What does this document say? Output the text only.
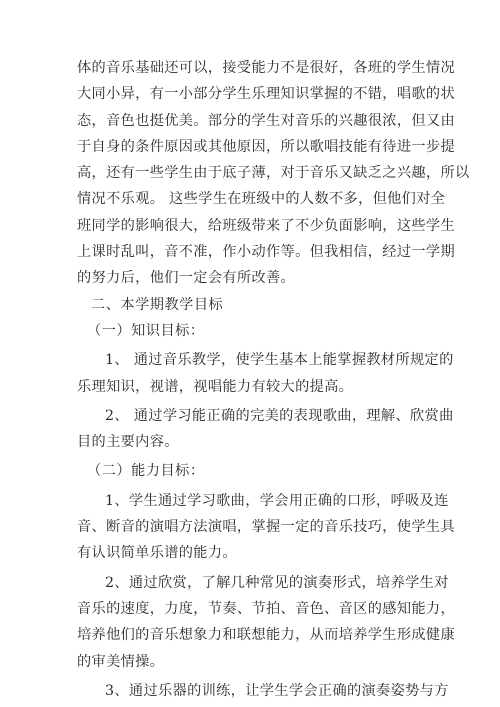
体的音乐基础还可以，接受能力不是很好，各班的学生情况
大同小异，有一小部分学生乐理知识掌握的不错，唱歌的状
态，音色也挺优美。部分的学生对音乐的兴趣很浓，但又由
于自身的条件原因或其他原因，所以歌唱技能有待进一步提
高，还有一些学生由于底子薄，对于音乐又缺乏之兴趣，所以
情况不乐观。 这些学生在班级中的人数不多，但他们对全
班同学的影响很大，给班级带来了不少负面影响，这些学生
上课时乱叫，音不准，作小动作等。但我相信，经过一学期
的努力后，他们一定会有所改善。
二、本学期教学目标
（一）知识目标：
1、 通过音乐教学，使学生基本上能掌握教材所规定的
乐理知识，视谱，视唱能力有较大的提高。
2、 通过学习能正确的完美的表现歌曲，理解、欣赏曲
目的主要内容。
（二）能力目标：
1、学生通过学习歌曲，学会用正确的口形，呼吸及连
音、断音的演唱方法演唱，掌握一定的音乐技巧，使学生具
有认识简单乐谱的能力。
2、通过欣赏，了解几种常见的演奏形式，培养学生对
音乐的速度，力度，节奏、节拍、音色、音区的感知能力，
培养他们的音乐想象力和联想能力，从而培养学生形成健康
的审美情操。
3、通过乐器的训练，让学生学会正确的演奏姿势与方
